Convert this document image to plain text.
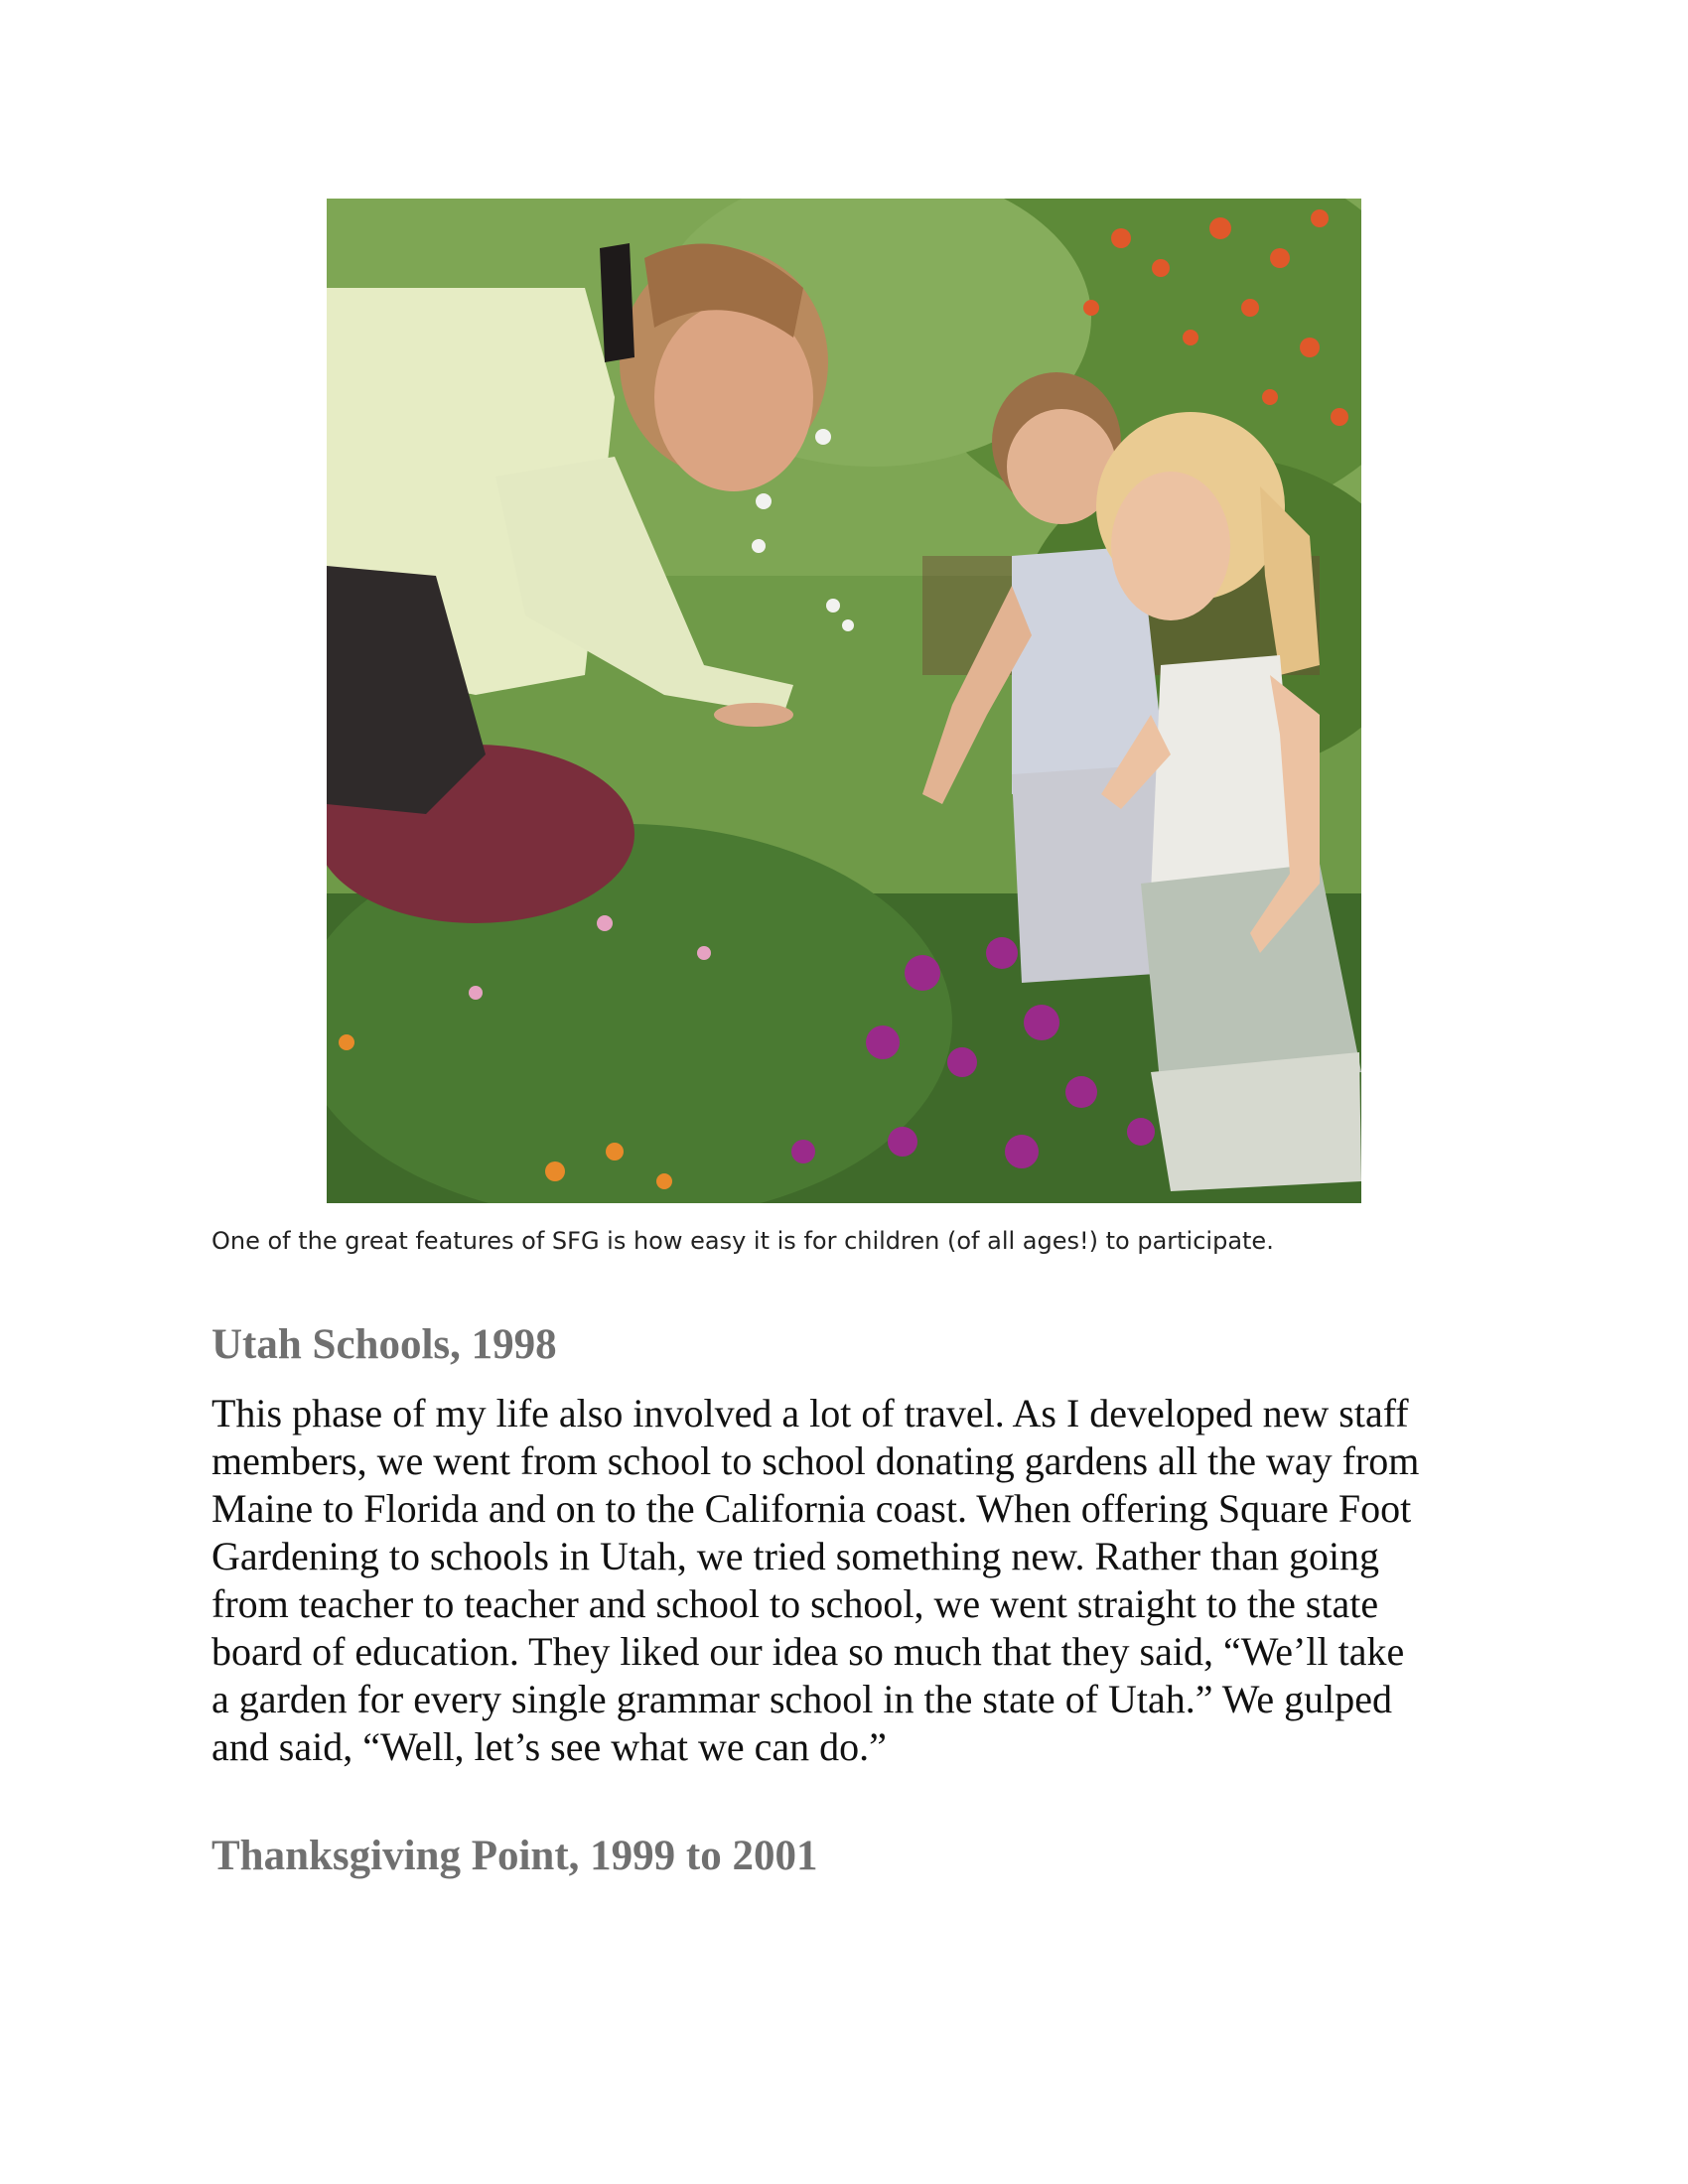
One of the great features of SFG is how easy it is for children (of all ages!) to participate.
Utah Schools, 1998

This phase of my life also involved a lot of travel. As I developed new staff
members, we went from school to school donating gardens all the way from
Maine to Florida and on to the California coast. When offering Square Foot
Gardening to schools in Utah, we tried something new. Rather than going
from teacher to teacher and school to school, we went straight to the state
board of education. They liked our idea so much that they said, “We’ll take
a garden for every single grammar school in the state of Utah.” We gulped
and said, “Well, let’s see what we can do.”

Thanksgiving Point, 1999 to 2001
